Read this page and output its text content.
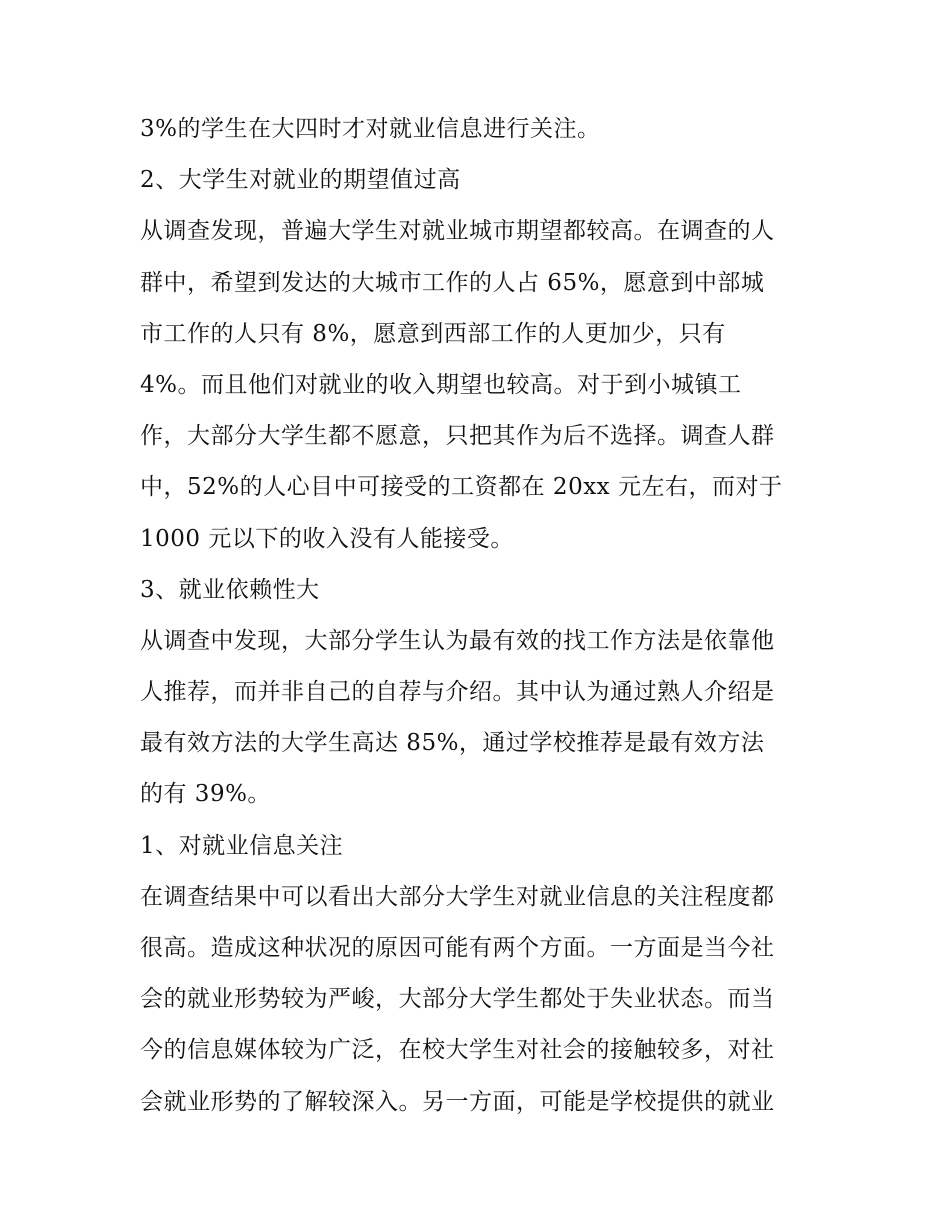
3%的学生在大四时才对就业信息进行关注。
2、大学生对就业的期望值过高
从调查发现，普遍大学生对就业城市期望都较高。在调查的人
群中，希望到发达的大城市工作的人占 65%，愿意到中部城
市工作的人只有 8%，愿意到西部工作的人更加少，只有
4%。而且他们对就业的收入期望也较高。对于到小城镇工
作，大部分大学生都不愿意，只把其作为后不选择。调查人群
中，52%的人心目中可接受的工资都在 20xx 元左右，而对于
1000 元以下的收入没有人能接受。
3、就业依赖性大
从调查中发现，大部分学生认为最有效的找工作方法是依靠他
人推荐，而并非自己的自荐与介绍。其中认为通过熟人介绍是
最有效方法的大学生高达 85%，通过学校推荐是最有效方法
的有 39%。
1、对就业信息关注
在调查结果中可以看出大部分大学生对就业信息的关注程度都
很高。造成这种状况的原因可能有两个方面。一方面是当今社
会的就业形势较为严峻，大部分大学生都处于失业状态。而当
今的信息媒体较为广泛，在校大学生对社会的接触较多，对社
会就业形势的了解较深入。另一方面，可能是学校提供的就业
